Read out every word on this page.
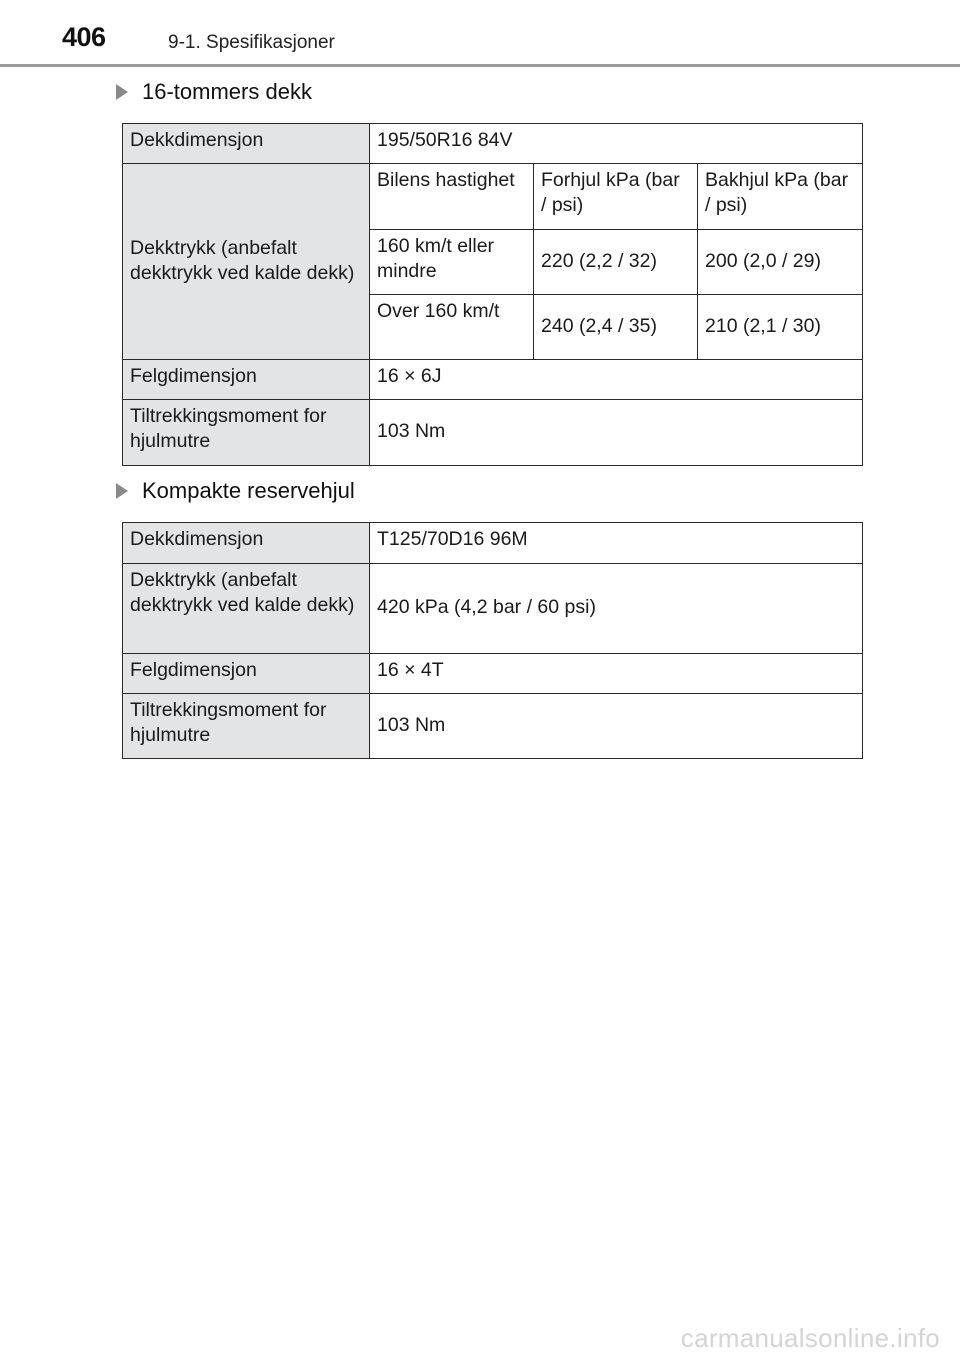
406	9-1. Spesifikasjoner
16-tommers dekk
Dekkdimensjon	195/50R16 84V		
Dekktrykk (anbefalt dekktrykk ved kalde dekk)	Bilens hastighet	Forhjul kPa (bar / psi)	Bakhjul kPa (bar / psi)
	160 km/t eller mindre	220 (2,2 / 32)	200 (2,0 / 29)
	Over 160 km/t	240 (2,4 / 35)	210 (2,1 / 30)
Felgdimensjon	16 × 6J		
Tiltrekkingsmoment for hjulmutre	103 Nm		
Kompakte reservehjul
Dekkdimensjon	T125/70D16 96M
Dekktrykk (anbefalt dekktrykk ved kalde dekk)	420 kPa (4,2 bar / 60 psi)
Felgdimensjon	16 × 4T
Tiltrekkingsmoment for hjulmutre	103 Nm
carmanualsonline.info
